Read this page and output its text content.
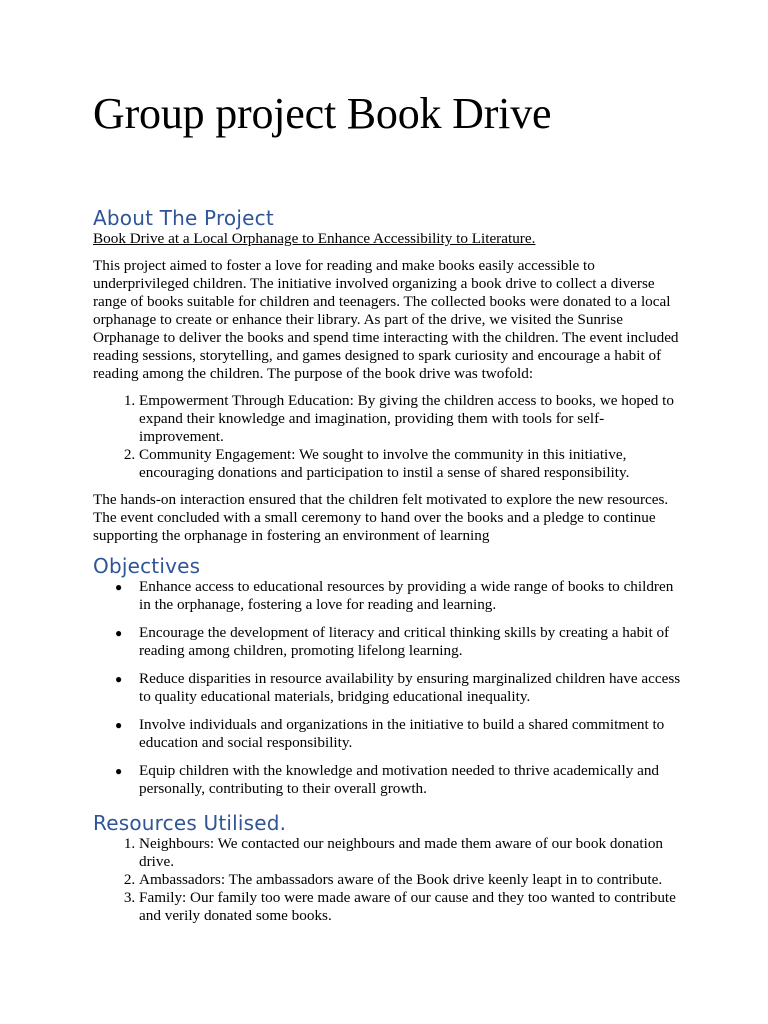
Group project Book Drive
About The Project

Book Drive at a Local Orphanage to Enhance Accessibility to Literature.

This project aimed to foster a love for reading and make books easily accessible to underprivileged children. The initiative involved organizing a book drive to collect a diverse range of books suitable for children and teenagers. The collected books were donated to a local orphanage to create or enhance their library. As part of the drive, we visited the Sunrise Orphanage to deliver the books and spend time interacting with the children. The event included reading sessions, storytelling, and games designed to spark curiosity and encourage a habit of reading among the children. The purpose of the book drive was twofold:

1. Empowerment Through Education: By giving the children access to books, we hoped to expand their knowledge and imagination, providing them with tools for self-improvement.
2. Community Engagement: We sought to involve the community in this initiative, encouraging donations and participation to instil a sense of shared responsibility.

The hands-on interaction ensured that the children felt motivated to explore the new resources. The event concluded with a small ceremony to hand over the books and a pledge to continue supporting the orphanage in fostering an environment of learning

Objectives
● Enhance access to educational resources by providing a wide range of books to children in the orphanage, fostering a love for reading and learning.
● Encourage the development of literacy and critical thinking skills by creating a habit of reading among children, promoting lifelong learning.
● Reduce disparities in resource availability by ensuring marginalized children have access to quality educational materials, bridging educational inequality.
● Involve individuals and organizations in the initiative to build a shared commitment to education and social responsibility.
● Equip children with the knowledge and motivation needed to thrive academically and personally, contributing to their overall growth.
Resources Utilised.
1. Neighbours: We contacted our neighbours and made them aware of our book donation drive.
2. Ambassadors: The ambassadors aware of the Book drive keenly leapt in to contribute.
3. Family: Our family too were made aware of our cause and they too wanted to contribute and verily donated some books.
